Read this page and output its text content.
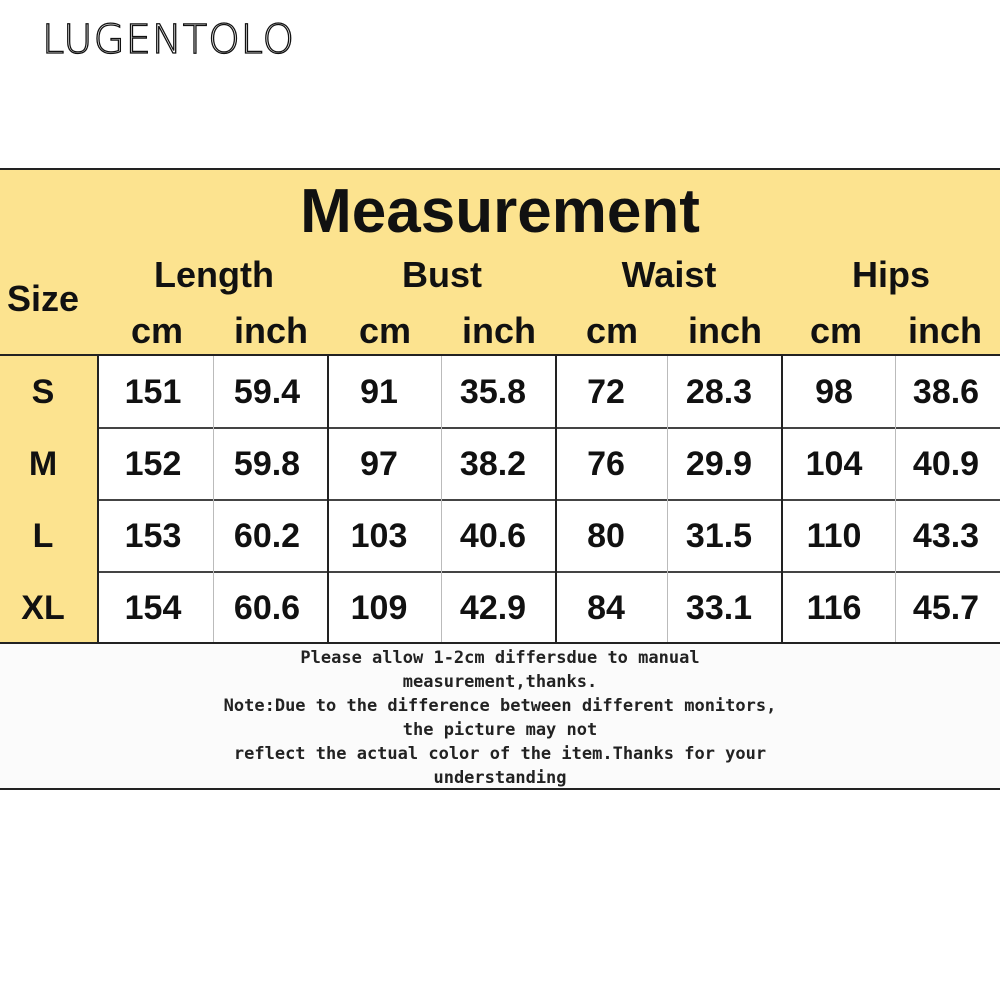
LUGENTOLO
Measurement
Size
Length	Bust	Waist	Hips
cm	inch	cm	inch	cm	inch	cm	inch
S	151	59.4	91	35.8	72	28.3	98	38.6
M	152	59.8	97	38.2	76	29.9	104	40.9
L	153	60.2	103	40.6	80	31.5	110	43.3
XL	154	60.6	109	42.9	84	33.1	116	45.7
Please allow 1-2cm differsdue to manual
measurement,thanks.
Note:Due to the difference between different monitors,
the picture may not
reflect the actual color of the item.Thanks for your
understanding
